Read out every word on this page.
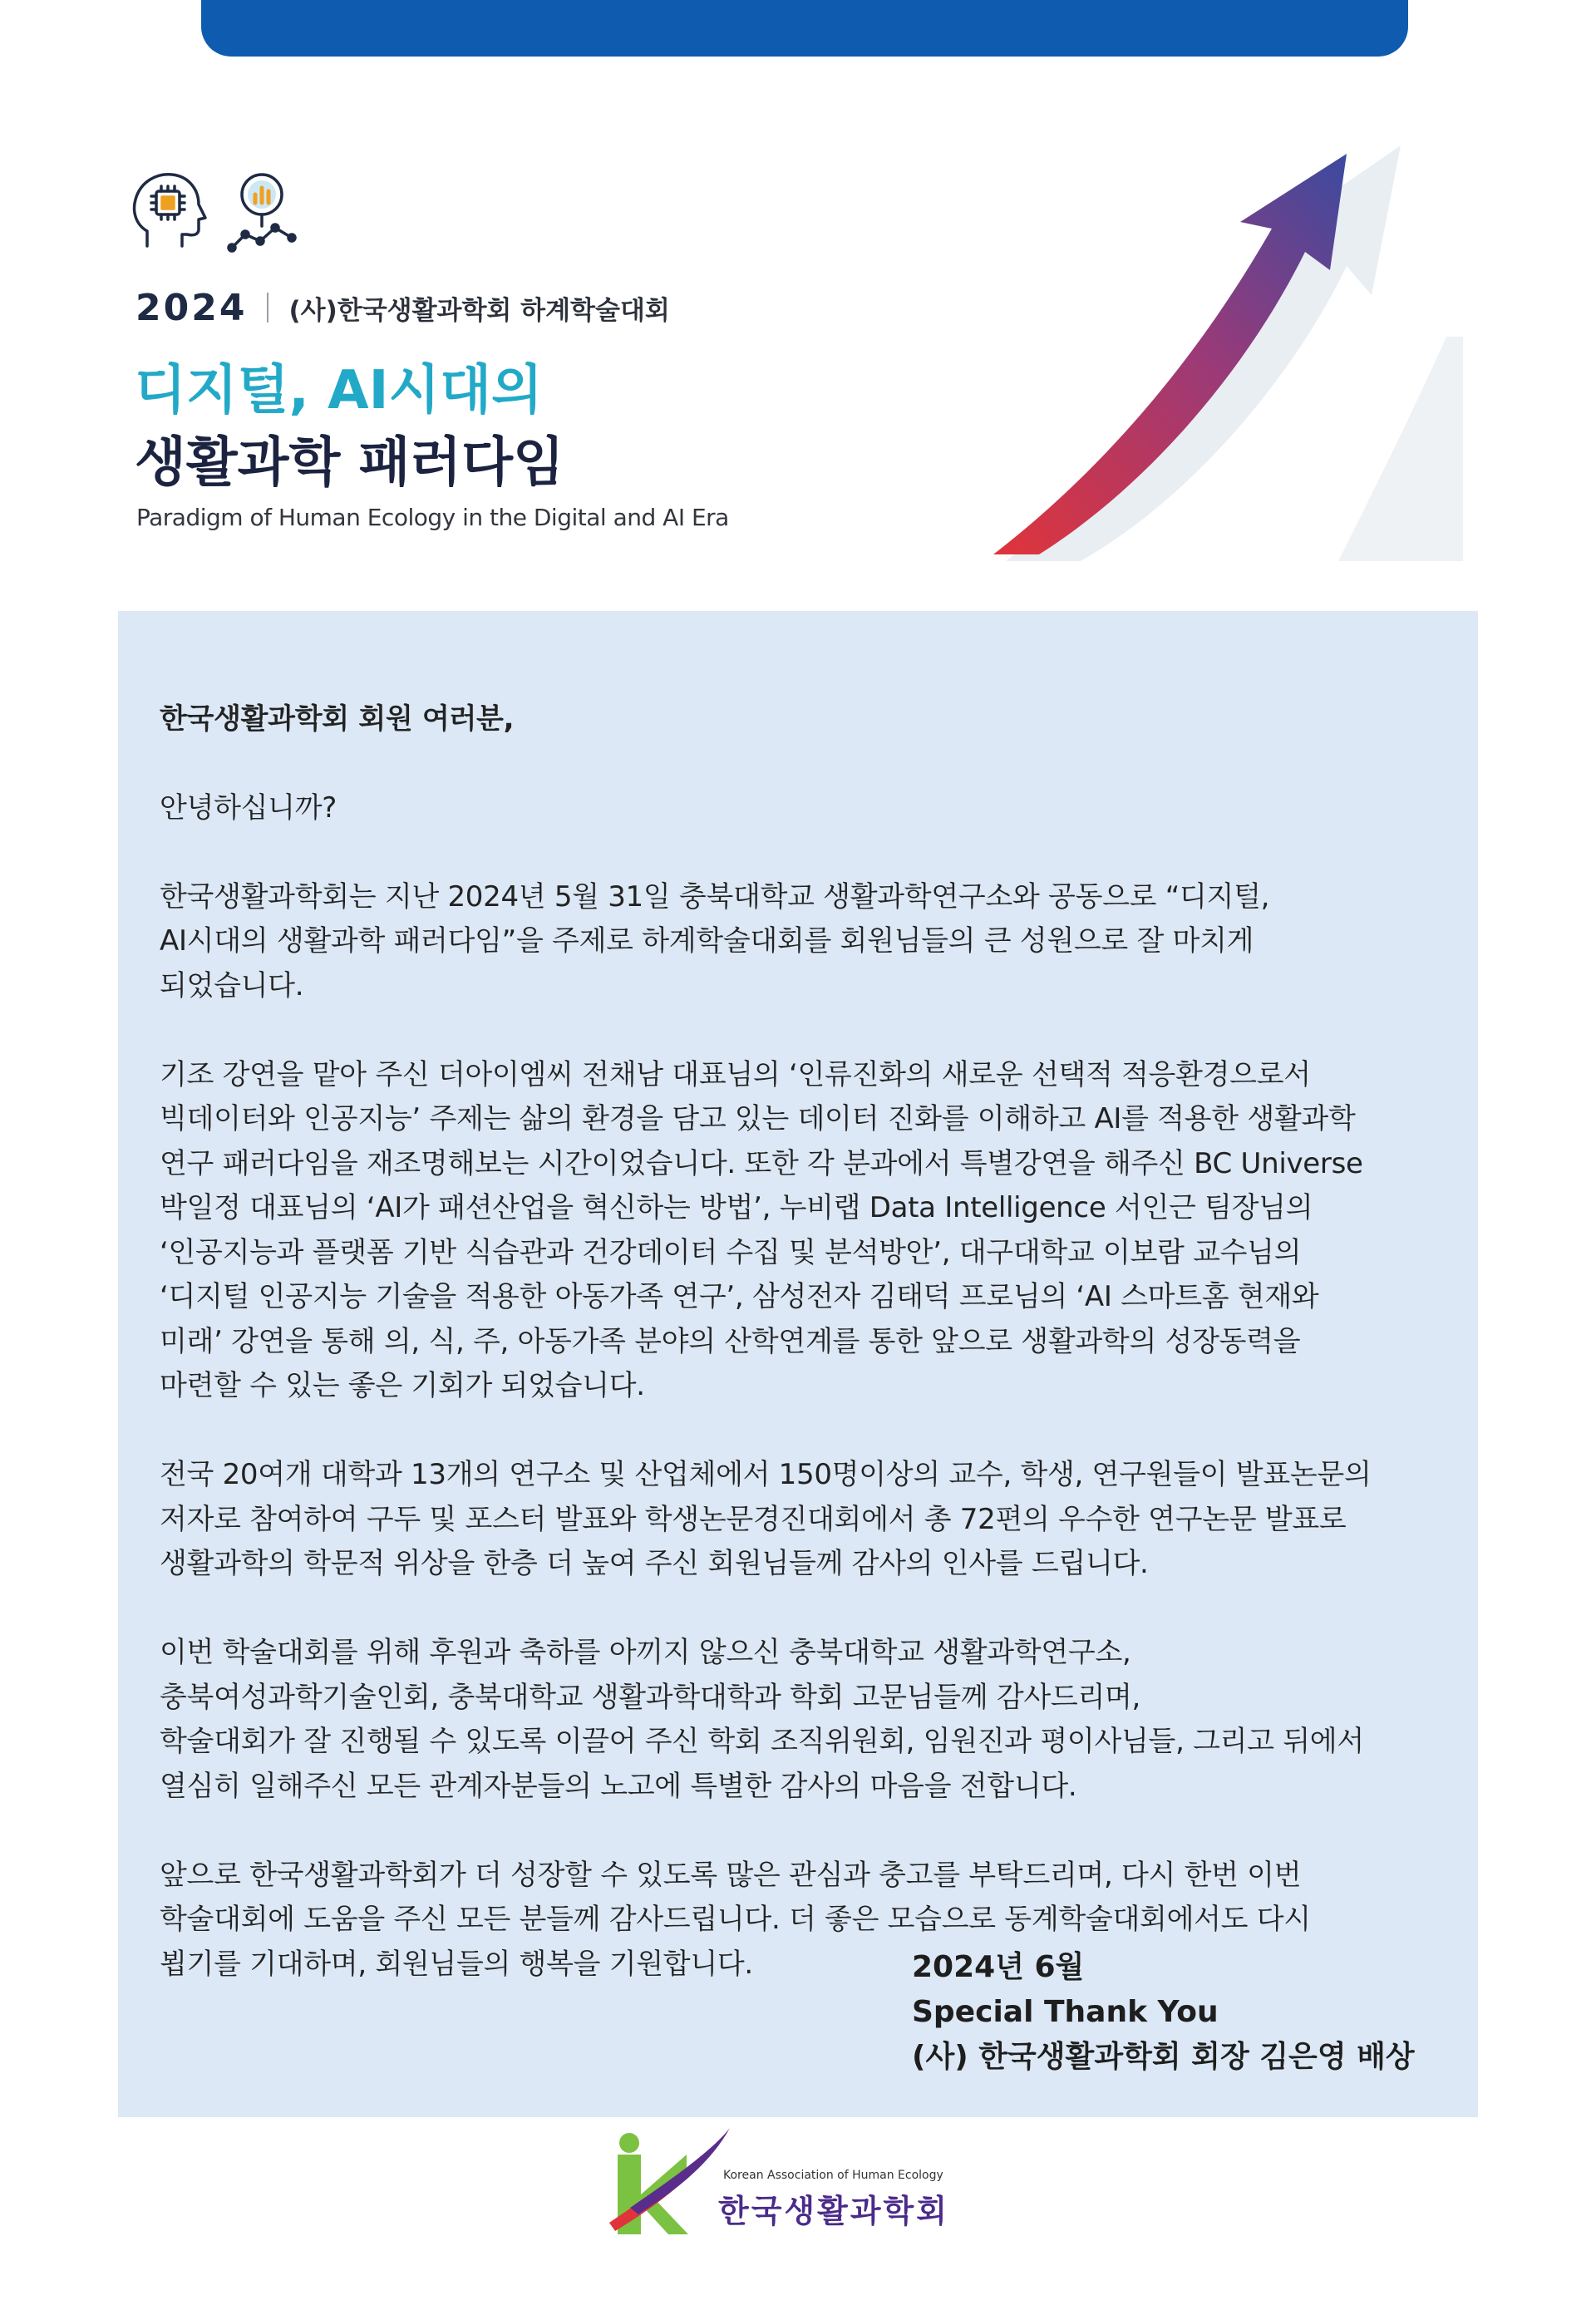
2024 (사)한국생활과학회 하계학술대회
디지털, AI시대의
생활과학 패러다임
Paradigm of Human Ecology in the Digital and AI Era

한국생활과학회 회원 여러분,

안녕하십니까?

한국생활과학회는 지난 2024년 5월 31일 충북대학교 생활과학연구소와 공동으로 “디지털,
AI시대의 생활과학 패러다임”을 주제로 하계학술대회를 회원님들의 큰 성원으로 잘 마치게
되었습니다.

기조 강연을 맡아 주신 더아이엠씨 전채남 대표님의 ‘인류진화의 새로운 선택적 적응환경으로서
빅데이터와 인공지능’ 주제는 삶의 환경을 담고 있는 데이터 진화를 이해하고 AI를 적용한 생활과학
연구 패러다임을 재조명해보는 시간이었습니다. 또한 각 분과에서 특별강연을 해주신 BC Universe
박일정 대표님의 ‘AI가 패션산업을 혁신하는 방법’, 누비랩 Data Intelligence 서인근 팀장님의
‘인공지능과 플랫폼 기반 식습관과 건강데이터 수집 및 분석방안’, 대구대학교 이보람 교수님의
‘디지털 인공지능 기술을 적용한 아동가족 연구’, 삼성전자 김태덕 프로님의 ‘AI 스마트홈 현재와
미래’ 강연을 통해 의, 식, 주, 아동가족 분야의 산학연계를 통한 앞으로 생활과학의 성장동력을
마련할 수 있는 좋은 기회가 되었습니다.

전국 20여개 대학과 13개의 연구소 및 산업체에서 150명이상의 교수, 학생, 연구원들이 발표논문의
저자로 참여하여 구두 및 포스터 발표와 학생논문경진대회에서 총 72편의 우수한 연구논문 발표로
생활과학의 학문적 위상을 한층 더 높여 주신 회원님들께 감사의 인사를 드립니다.

이번 학술대회를 위해 후원과 축하를 아끼지 않으신 충북대학교 생활과학연구소,
충북여성과학기술인회, 충북대학교 생활과학대학과 학회 고문님들께 감사드리며,
학술대회가 잘 진행될 수 있도록 이끌어 주신 학회 조직위원회, 임원진과 평이사님들, 그리고 뒤에서
열심히 일해주신 모든 관계자분들의 노고에 특별한 감사의 마음을 전합니다.

앞으로 한국생활과학회가 더 성장할 수 있도록 많은 관심과 충고를 부탁드리며, 다시 한번 이번
학술대회에 도움을 주신 모든 분들께 감사드립니다. 더 좋은 모습으로 동계학술대회에서도 다시
뵙기를 기대하며, 회원님들의 행복을 기원합니다.	2024년 6월
Special Thank You
(사) 한국생활과학회 회장 김은영 배상
Korean Association of Human Ecology
한국생활과학회
